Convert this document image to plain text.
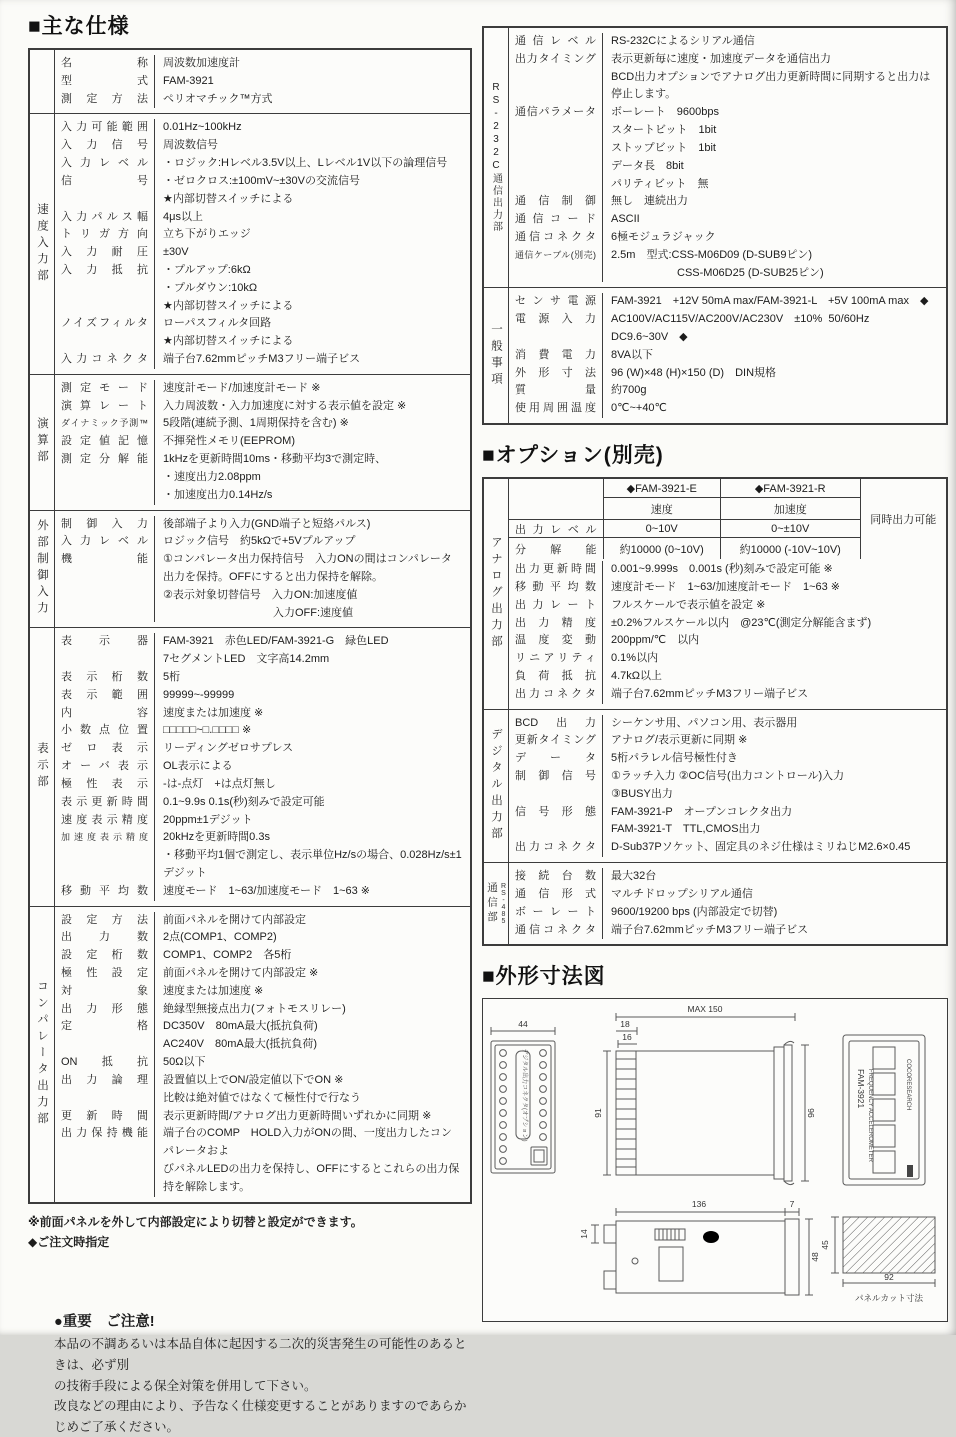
■主な仕様
名称	周波数加速度計
型式	FAM-3921
測定方法	ペリオマチック™方式
速度入力部
入力可能範囲	0.01Hz~100kHz
入力信号	周波数信号
入力レベル	・ロジック:Hレベル3.5V以上、Lレベル1V以下の論理信号
信号	・ゼロクロス:±100mV~±30Vの交流信号
★内部切替スイッチによる
入力パルス幅	4μs以上
トリガ方向	立ち下がりエッジ
入力耐圧	±30V
入力抵抗	・プルアップ:6kΩ
・プルダウン:10kΩ
★内部切替スイッチによる
ノイズフィルタ	ローパスフィルタ回路
★内部切替スイッチによる
入力コネクタ	端子台7.62mmピッチM3フリー端子ビス
演算部
測定モード	速度計モード/加速度計モード ※
演算レート	入力周波数・入力加速度に対する表示値を設定 ※
ダイナミック予測™	5段階(連続予測、1周期保持を含む) ※
設定値記憶	不揮発性メモリ(EEPROM)
測定分解能	1kHzを更新時間10ms・移動平均3で測定時、
・速度出力2.08ppm
・加速度出力0.14Hz/s
外部制御入力	制御入力	後部端子より入力(GND端子と短絡パルス)
入力レベル	ロジック信号　約5kΩで+5Vプルアップ
機能	①コンパレータ出力保持信号　入力ONの間はコンパレータ
出力を保持。OFFにすると出力保持を解除。
②表示対象切替信号　入力ON:加速度値
　　　　　　　　　　入力OFF:速度値
表示部
表示器	FAM-3921　赤色LED/FAM-3921-G　緑色LED
7セグメントLED　文字高14.2mm
表示桁数	5桁
表示範囲	99999~-99999
内容	速度または加速度 ※
小数点位置	□□□□□~□.□□□□ ※
ゼロ表示	リーディングゼロサプレス
オーバ表示	OL表示による
極性表示	-は-点灯　+は点灯無し
表示更新時間	0.1~9.9s 0.1s(秒)刻みで設定可能
速度表示精度	20ppm±1デジット
加速度表示精度	20kHzを更新時間0.3s
・移動平均1個で測定し、表示単位Hz/sの場合、0.028Hz/s±1デジット
移動平均数	速度モード　1~63/加速度モード　1~63 ※
コンパレータ出力部
設定方法	前面パネルを開けて内部設定
出力数	2点(COMP1、COMP2)
設定桁数	COMP1、COMP2　各5桁
極性設定	前面パネルを開けて内部設定 ※
対象	速度または加速度 ※
出力形態	絶縁型無接点出力(フォトモスリレー)
定格	DC350V　80mA最大(抵抗負荷)
AC240V　80mA最大(抵抗負荷)
ON抵抗	50Ω以下
出力論理	設置値以上でON/設定値以下でON ※
比較は絶対値ではなくて極性付で行なう
更新時間	表示更新時間/アナログ出力更新時間いずれかに同期 ※
出力保持機能	端子台のCOMP　HOLD入力がONの間、一度出力したコンパレータおよ
びパネルLEDの出力を保持し、OFFにするとこれらの出力保持を解除します。
※前面パネルを外して内部設定により切替と設定ができます。
◆ご注文時指定
●重要　ご注意!
本品の不調あるいは本品自体に起因する二次的災害発生の可能性のあるときは、必ず別
の技術手段による保全対策を併用して下さい。
改良などの理由により、予告なく仕様変更することがありますのであらかじめご了承ください。
RS-232C通信出力部
通信レベル	RS-232Cによるシリアル通信
出力タイミング	表示更新毎に速度・加速度データを通信出力
BCD出力オプションでアナログ出力更新時間に同期すると出力は
停止します。
通信パラメータ	ボーレート　9600bps
スタートビット　1bit
ストップビット　1bit
データ長　8bit
パリティビット　無
通信制御	無し　連続出力
通信コード	ASCII
通信コネクタ	6極モジュラジャック
通信ケーブル(別売)	2.5m　型式:CSS-M06D09 (D-SUB9ピン)
　　　　　　CSS-M06D25 (D-SUB25ピン)
一般事項
センサ電源	FAM-3921　+12V 50mA max/FAM-3921-L　+5V 100mA max　◆
電源入力	AC100V/AC115V/AC200V/AC230V　±10%  50/60Hz
DC9.6~30V　◆
消費電力	8VA以下
外形寸法	96 (W)×48 (H)×150 (D)　DIN規格
質量	約700g
使用周囲温度	0℃~+40℃
■オプション(別売)
アナログ出力部
	◆FAM-3921-E	◆FAM-3921-R	同時出力可能
	速度	加速度	
出力レベル	0~10V	0~±10V	
分解能	約10000 (0~10V)	約10000 (-10V~10V)	
出力更新時間	0.001~9.999s　0.001s (秒)刻みで設定可能 ※
移動平均数	速度計モード　1~63/加速度計モード　1~63 ※
出力レート	フルスケールで表示値を設定 ※
出力精度	±0.2%フルスケール以内　@23℃(測定分解能含まず)
温度変動	200ppm/℃　以内
リニアリティ	0.1%以内
負荷抵抗	4.7kΩ以上
出力コネクタ	端子台7.62mmピッチM3フリー端子ビス
デジタル出力部
BCD出力	シーケンサ用、パソコン用、表示器用
更新タイミング	アナログ/表示更新に同期 ※
データ	5桁パラレル信号極性付き
制御信号	①ラッチ入力 ②OC信号(出力コントロール)入力
③BUSY出力
信号形態	FAM-3921-P　オープンコレクタ出力
FAM-3921-T　TTL,CMOS出力
出力コネクタ	D-Sub37Pソケット、固定具のネジ仕様はミリねじM2.6×0.45
通信部 RS-485
接続台数	最大32台
通信形式	マルチドロップシリアル通信
ボーレート	9600/19200 bps (内部設定で切替)
通信コネクタ	端子台7.62mmピッチM3フリー端子ビス
■外形寸法図
44
デジタル出力コネクタ(オプション)
MAX 150
18
16
91	96
FAM-3921 FREQUENCY ACCELEROMETER	COCORESEARCH
136	7
14
48
45
92
パネルカット寸法
